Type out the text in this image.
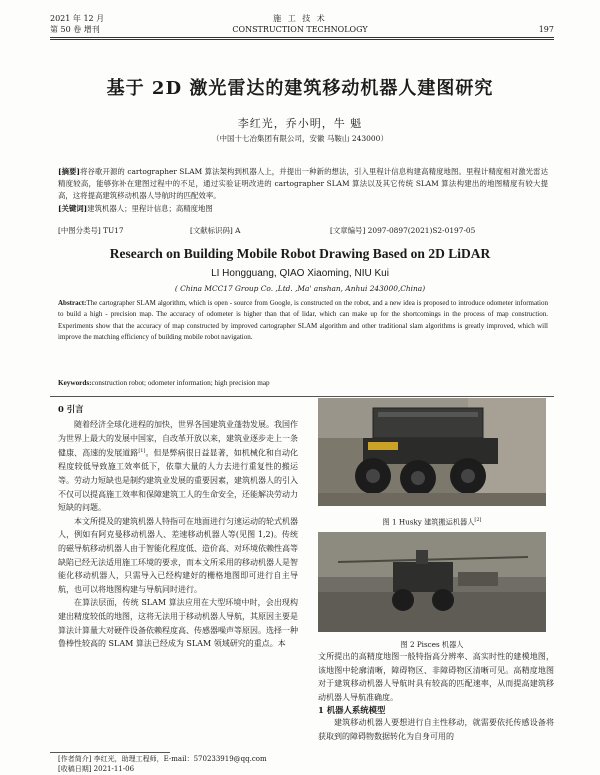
2021 年 12 月
第 50 卷 增刊
施 工 技 术
CONSTRUCTION TECHNOLOGY	197
基于 2D 激光雷达的建筑移动机器人建图研究
李红光，乔小明，牛 魁
（中国十七冶集团有限公司，安徽 马鞍山 243000）
[摘要]将谷歌开源的 cartographer SLAM 算法架构到机器人上，并提出一种新的想法，引入里程计信息构建高精度地图。里程计精度相对激光雷达精度较高，能够弥补在建图过程中的不足，通过实验证明改进的 cartographer SLAM 算法以及其它传统 SLAM 算法构建出的地图精度有较大提高，这将提高建筑移动机器人导航时的匹配效率。
[关键词]建筑机器人；里程计信息；高精度地图
[中图分类号] TU17	[文献标识码] A	[文章编号] 2097-0897(2021)S2-0197-05
Research on Building Mobile Robot Drawing Based on 2D LiDAR
LI Hongguang, QIAO Xiaoming, NIU Kui
( China MCC17 Group Co. ,Ltd. ,Ma' anshan, Anhui 243000,China)
Abstract:The cartographer SLAM algorithm, which is open - source from Google, is constructed on the robot, and a new idea is proposed to introduce odometer information to build a high - precision map. The accuracy of odometer is higher than that of lidar, which can make up for the shortcomings in the process of map construction. Experiments show that the accuracy of map constructed by improved cartographer SLAM algorithm and other traditional slam algorithms is greatly improved, which will improve the matching efficiency of building mobile robot navigation.
Keywords:construction robot; odometer information; high precision map
0 引言

随着经济全球化进程的加快，世界各国建筑业蓬勃发展。我国作为世界上最大的发展中国家，自改革开放以来，建筑业逐步走上一条健康、高速的发展道路[1]。但是弊病很日益显著，如机械化和自动化程度较低导致施工效率低下，依靠大量的人力去进行重复性的搬运等。劳动力短缺也是制约建筑业发展的重要因素，建筑机器人的引入不仅可以提高施工效率和保障建筑工人的生命安全，还能解决劳动力短缺的问题。

本文所提及的建筑机器人特指可在地面进行匀速运动的轮式机器人，例如有阿克曼移动机器人、差速移动机器人等(见图 1,2)。传统的磁导航移动机器人由于智能化程度低、造价高、对环境依赖性高等缺陷已经无法适用施工环境的要求，而本文所采用的移动机器人是智能化移动机器人，只需导入已经构建好的栅格地图即可进行自主导航，也可以将地图构建与导航同时进行。

在算法层面，传统 SLAM 算法应用在大型环境中时，会出现构建出精度较低的地图，这将无法用于移动机器人导航，其原因主要是算法计算量大对硬件设备依赖程度高、传感器噪声等原因。选择一种鲁棒性较高的 SLAM 算法已经成为 SLAM 领域研究的重点。本

图 1 Husky 建筑搬运机器人[2]
图 2 Pisces 机器人

文所提出的高精度地图一般特指高分辨率、高实时性的建模地图，该地图中轮廓清晰，障碍物区、非障碍物区清晰可见。高精度地图对于建筑移动机器人导航时具有较高的匹配速率，从而提高建筑移动机器人导航准确度。

1 机器人系统模型

建筑移动机器人要想进行自主性移动，就需要依托传感设备将获取到的障碍物数据转化为自身可用的

[作者简介] 李红光，助理工程师，E-mail：570233919@qq.com
[收稿日期] 2021-11-06
